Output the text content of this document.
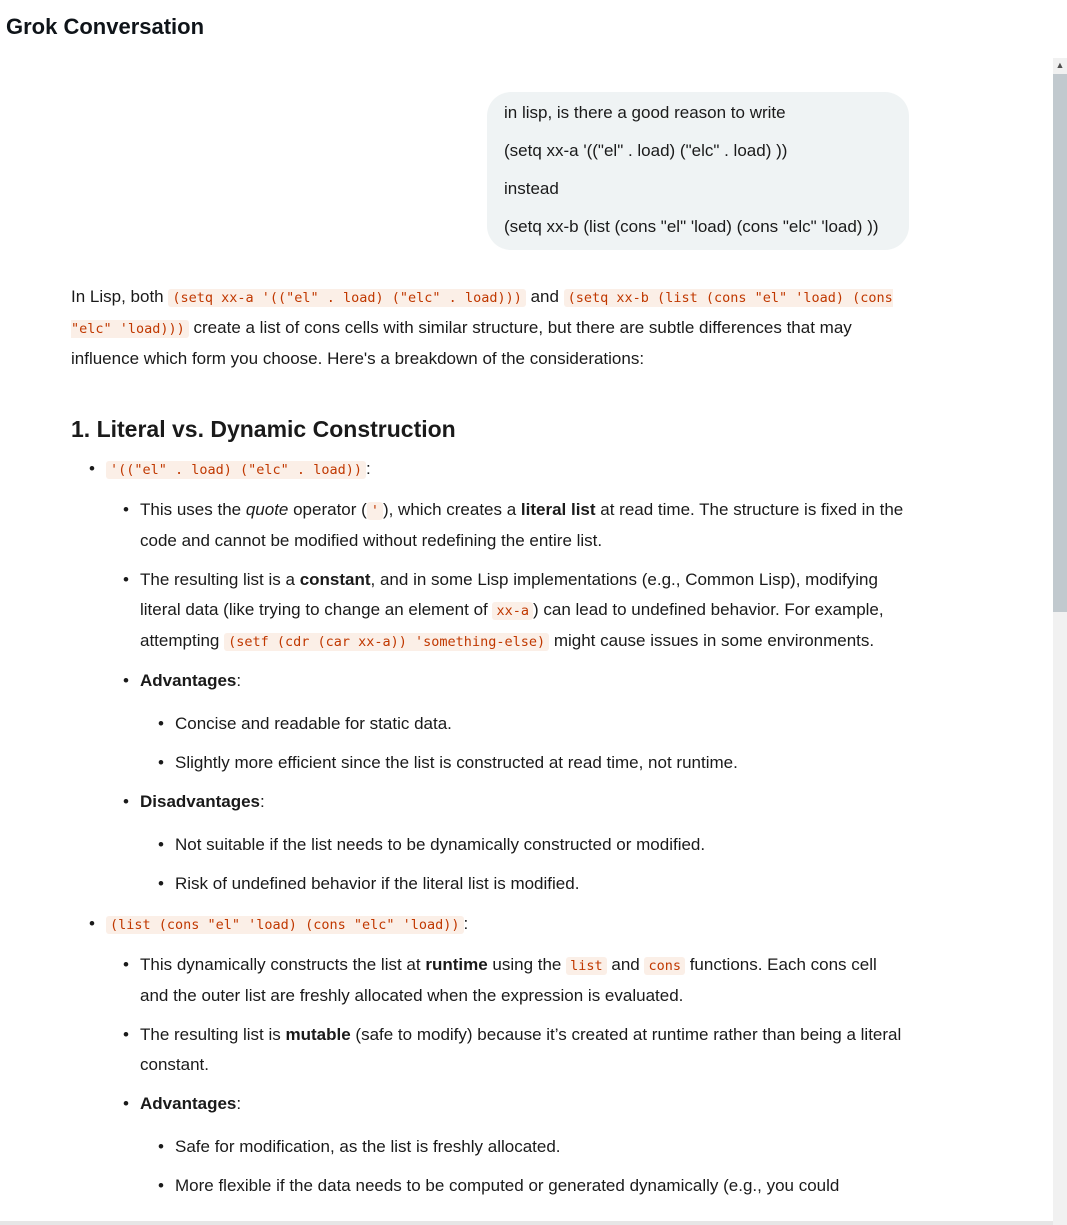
Grok Conversation

in lisp, is there a good reason to write

(setq xx-a '(("el" . load) ("elc" . load) ))

instead

(setq xx-b (list (cons "el" 'load) (cons "elc" 'load) ))

In Lisp, both (setq xx-a '(("el" . load) ("elc" . load))) and (setq xx-b (list (cons "el" 'load) (cons "elc" 'load))) create a list of cons cells with similar structure, but there are subtle differences that may influence which form you choose. Here's a breakdown of the considerations:

1. Literal vs. Dynamic Construction
• '(("el" . load) ("elc" . load)) :
• This uses the quote operator ( ' ), which creates a literal list at read time. The structure is fixed in the code and cannot be modified without redefining the entire list.
• The resulting list is a constant, and in some Lisp implementations (e.g., Common Lisp), modifying literal data (like trying to change an element of xx-a ) can lead to undefined behavior. For example, attempting (setf (cdr (car xx-a)) 'something-else) might cause issues in some environments.
• Advantages:
• Concise and readable for static data.
• Slightly more efficient since the list is constructed at read time, not runtime.
• Disadvantages:
• Not suitable if the list needs to be dynamically constructed or modified.
• Risk of undefined behavior if the literal list is modified.
• (list (cons "el" 'load) (cons "elc" 'load)) :
• This dynamically constructs the list at runtime using the list and cons functions. Each cons cell and the outer list are freshly allocated when the expression is evaluated.
• The resulting list is mutable (safe to modify) because it’s created at runtime rather than being a literal constant.
• Advantages:
• Safe for modification, as the list is freshly allocated.
• More flexible if the data needs to be computed or generated dynamically (e.g., you could
▲
